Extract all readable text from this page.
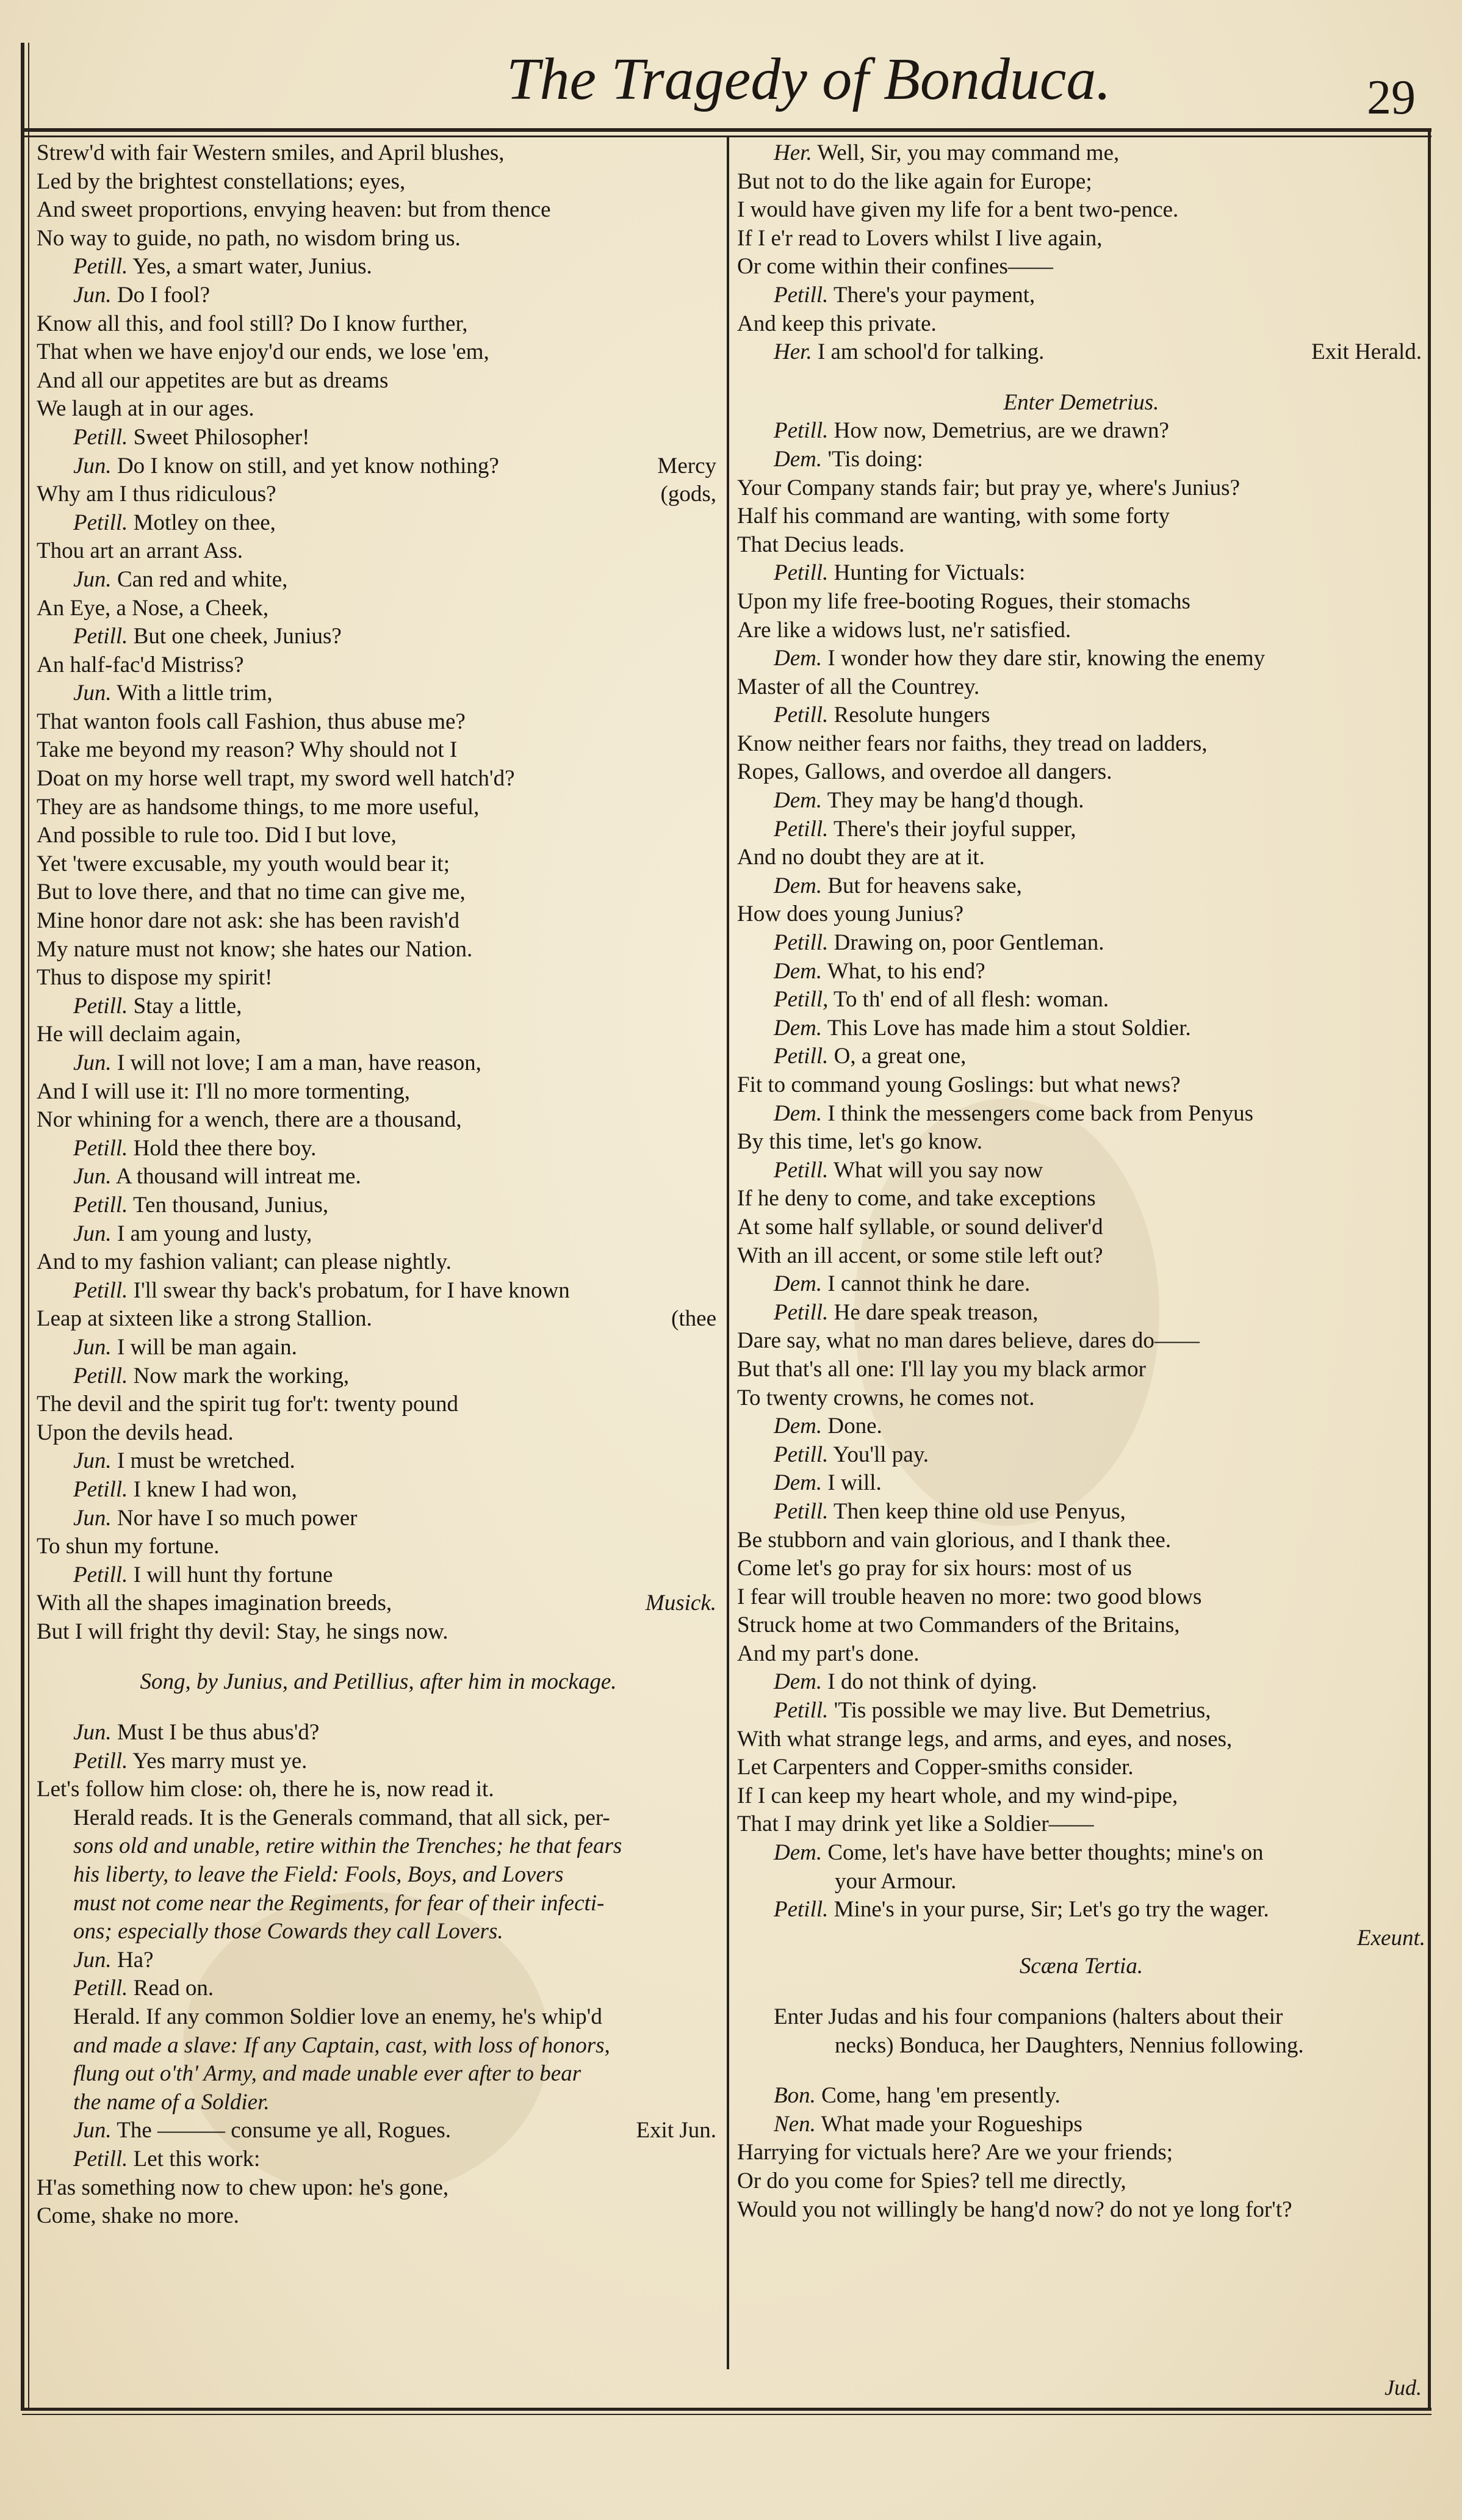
The Tragedy of Bonduca.	29
Strew'd with fair Western smiles, and April blushes,
Led by the brightest constellations; eyes,
And sweet proportions, envying heaven: but from thence
No way to guide, no path, no wisdom bring us.
Petill. Yes, a smart water, Junius.
Jun. Do I fool?
Know all this, and fool still? Do I know further,
That when we have enjoy'd our ends, we lose 'em,
And all our appetites are but as dreams
We laugh at in our ages.
Petill. Sweet Philosopher!
Jun. Do I know on still, and yet know nothing?	Mercy
Why am I thus ridiculous?	(gods,
Petill. Motley on thee,
Thou art an arrant Ass.
Jun. Can red and white,
An Eye, a Nose, a Cheek,
Petill. But one cheek, Junius?
An half-fac'd Mistriss?
Jun. With a little trim,
That wanton fools call Fashion, thus abuse me?
Take me beyond my reason? Why should not I
Doat on my horse well trapt, my sword well hatch'd?
They are as handsome things, to me more useful,
And possible to rule too. Did I but love,
Yet 'twere excusable, my youth would bear it;
But to love there, and that no time can give me,
Mine honor dare not ask: she has been ravish'd
My nature must not know; she hates our Nation.
Thus to dispose my spirit!
Petill. Stay a little,
He will declaim again,
Jun. I will not love; I am a man, have reason,
And I will use it: I'll no more tormenting,
Nor whining for a wench, there are a thousand,
Petill. Hold thee there boy.
Jun. A thousand will intreat me.
Petill. Ten thousand, Junius,
Jun. I am young and lusty,
And to my fashion valiant; can please nightly.
Petill. I'll swear thy back's probatum, for I have known
Leap at sixteen like a strong Stallion.	(thee
Jun. I will be man again.
Petill. Now mark the working,
The devil and the spirit tug for't: twenty pound
Upon the devils head.
Jun. I must be wretched.
Petill. I knew I had won,
Jun. Nor have I so much power
To shun my fortune.
Petill. I will hunt thy fortune
With all the shapes imagination breeds,	Musick.
But I will fright thy devil: Stay, he sings now.
Song, by Junius, and Petillius, after him in mockage.
Jun. Must I be thus abus'd?
Petill. Yes marry must ye.
Let's follow him close: oh, there he is, now read it.
Herald reads. It is the Generals command, that all sick, per-
sons old and unable, retire within the Trenches; he that fears
his liberty, to leave the Field: Fools, Boys, and Lovers
must not come near the Regiments, for fear of their infecti-
ons; especially those Cowards they call Lovers.
Jun. Ha?
Petill. Read on.
Herald. If any common Soldier love an enemy, he's whip'd
and made a slave: If any Captain, cast, with loss of honors,
flung out o'th' Army, and made unable ever after to bear
the name of a Soldier.
Jun. The ——— consume ye all, Rogues.	Exit Jun.
Petill. Let this work:
H'as something now to chew upon: he's gone,
Come, shake no more.
Her. Well, Sir, you may command me,
But not to do the like again for Europe;
I would have given my life for a bent two-pence.
If I e'r read to Lovers whilst I live again,
Or come within their confines——
Petill. There's your payment,
And keep this private.
Her. I am school'd for talking.	Exit Herald.
Enter Demetrius.
Petill. How now, Demetrius, are we drawn?
Dem. 'Tis doing:
Your Company stands fair; but pray ye, where's Junius?
Half his command are wanting, with some forty
That Decius leads.
Petill. Hunting for Victuals:
Upon my life free-booting Rogues, their stomachs
Are like a widows lust, ne'r satisfied.
Dem. I wonder how they dare stir, knowing the enemy
Master of all the Countrey.
Petill. Resolute hungers
Know neither fears nor faiths, they tread on ladders,
Ropes, Gallows, and overdoe all dangers.
Dem. They may be hang'd though.
Petill. There's their joyful supper,
And no doubt they are at it.
Dem. But for heavens sake,
How does young Junius?
Petill. Drawing on, poor Gentleman.
Dem. What, to his end?
Petill, To th' end of all flesh: woman.
Dem. This Love has made him a stout Soldier.
Petill. O, a great one,
Fit to command young Goslings: but what news?
Dem. I think the messengers come back from Penyus
By this time, let's go know.
Petill. What will you say now
If he deny to come, and take exceptions
At some half syllable, or sound deliver'd
With an ill accent, or some stile left out?
Dem. I cannot think he dare.
Petill. He dare speak treason,
Dare say, what no man dares believe, dares do——
But that's all one: I'll lay you my black armor
To twenty crowns, he comes not.
Dem. Done.
Petill. You'll pay.
Dem. I will.
Petill. Then keep thine old use Penyus,
Be stubborn and vain glorious, and I thank thee.
Come let's go pray for six hours: most of us
I fear will trouble heaven no more: two good blows
Struck home at two Commanders of the Britains,
And my part's done.
Dem. I do not think of dying.
Petill. 'Tis possible we may live. But Demetrius,
With what strange legs, and arms, and eyes, and noses,
Let Carpenters and Copper-smiths consider.
If I can keep my heart whole, and my wind-pipe,
That I may drink yet like a Soldier——
Dem. Come, let's have have better thoughts; mine's on
your Armour.
Petill. Mine's in your purse, Sir; Let's go try the wager.
Exeunt.
Scæna Tertia.
Enter Judas and his four companions (halters about their
necks) Bonduca, her Daughters, Nennius following.
Bon. Come, hang 'em presently.
Nen. What made your Rogueships
Harrying for victuals here? Are we your friends;
Or do you come for Spies? tell me directly,
Would you not willingly be hang'd now? do not ye long for't?
Jud.
